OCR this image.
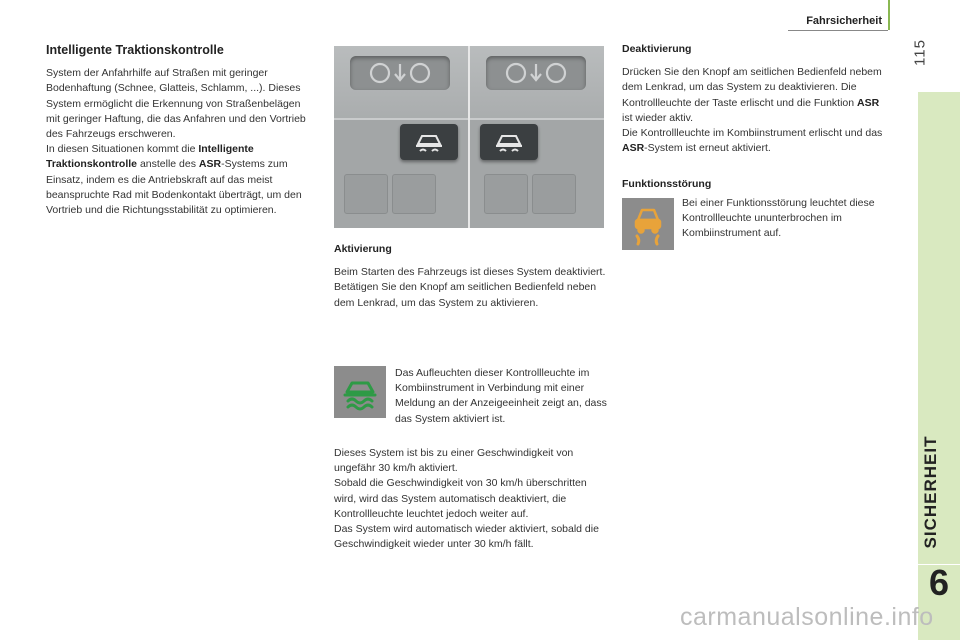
Fahrsicherheit
115
SICHERHEIT
6
Intelligente Traktionskontrolle

System der Anfahrhilfe auf Straßen mit geringer Bodenhaftung (Schnee, Glatteis, Schlamm, ...). Dieses System ermöglicht die Erkennung von Straßenbelägen mit geringer Haftung, die das Anfahren und den Vortrieb des Fahrzeugs erschweren.

In diesen Situationen kommt die Intelligente Traktionskontrolle anstelle des ASR-Systems zum Einsatz, indem es die Antriebskraft auf das meist beanspruchte Rad mit Bodenkontakt überträgt, um den Vortrieb und die Richtungsstabilität zu optimieren.

Aktivierung

Beim Starten des Fahrzeugs ist dieses System deaktiviert.

Betätigen Sie den Knopf am seitlichen Bedienfeld neben dem Lenkrad, um das System zu aktivieren.

Das Aufleuchten dieser Kontrollleuchte im Kombiinstrument in Verbindung mit einer Meldung an der Anzeigeeinheit zeigt an, dass das System aktiviert ist.

Dieses System ist bis zu einer Geschwindigkeit von ungefähr 30 km/h aktiviert.

Sobald die Geschwindigkeit von 30 km/h überschritten wird, wird das System automatisch deaktiviert, die Kontrollleuchte leuchtet jedoch weiter auf.

Das System wird automatisch wieder aktiviert, sobald die Geschwindigkeit wieder unter 30 km/h fällt.

Deaktivierung

Drücken Sie den Knopf am seitlichen Bedienfeld nebem dem Lenkrad, um das System zu deaktivieren. Die Kontrollleuchte der Taste erlischt und die Funktion ASR ist wieder aktiv.

Die Kontrollleuchte im Kombiinstrument erlischt und das ASR-System ist erneut aktiviert.

Funktionsstörung
Bei einer Funktionsstörung leuchtet diese Kontrollleuchte ununterbrochen im Kombiinstrument auf.
carmanualsonline.info
